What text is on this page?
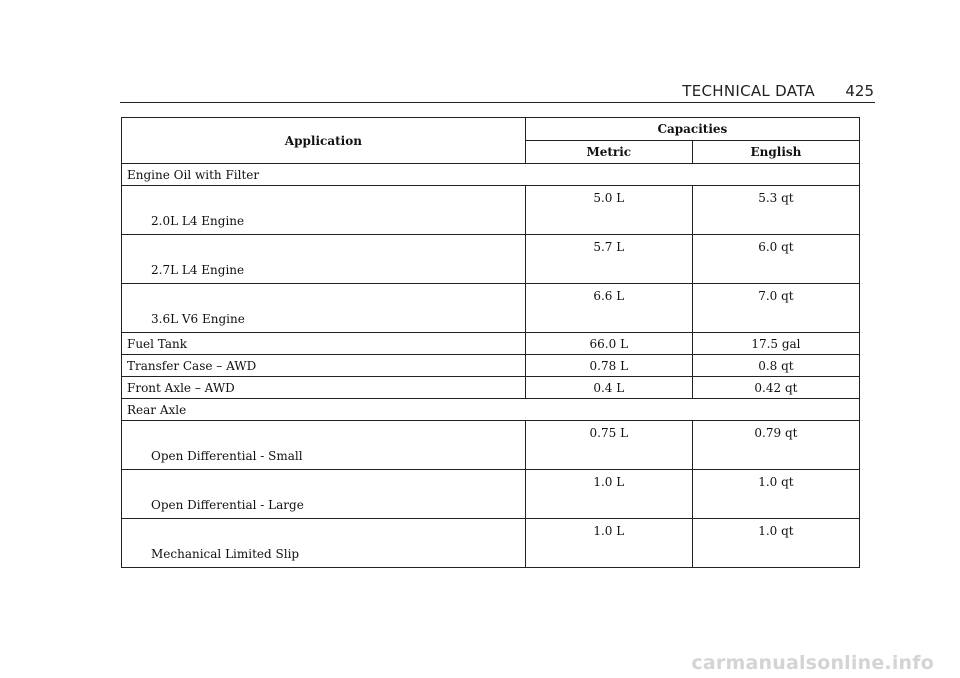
TECHNICAL DATA 425
Application	Capacities	
	Metric	English
Engine Oil with Filter		
2.0L L4 Engine	5.0 L	5.3 qt
2.7L L4 Engine	5.7 L	6.0 qt
3.6L V6 Engine	6.6 L	7.0 qt
Fuel Tank	66.0 L	17.5 gal
Transfer Case – AWD	0.78 L	0.8 qt
Front Axle – AWD	0.4 L	0.42 qt
Rear Axle		
Open Differential - Small	0.75 L	0.79 qt
Open Differential - Large	1.0 L	1.0 qt
Mechanical Limited Slip	1.0 L	1.0 qt
carmanualsonline.info
